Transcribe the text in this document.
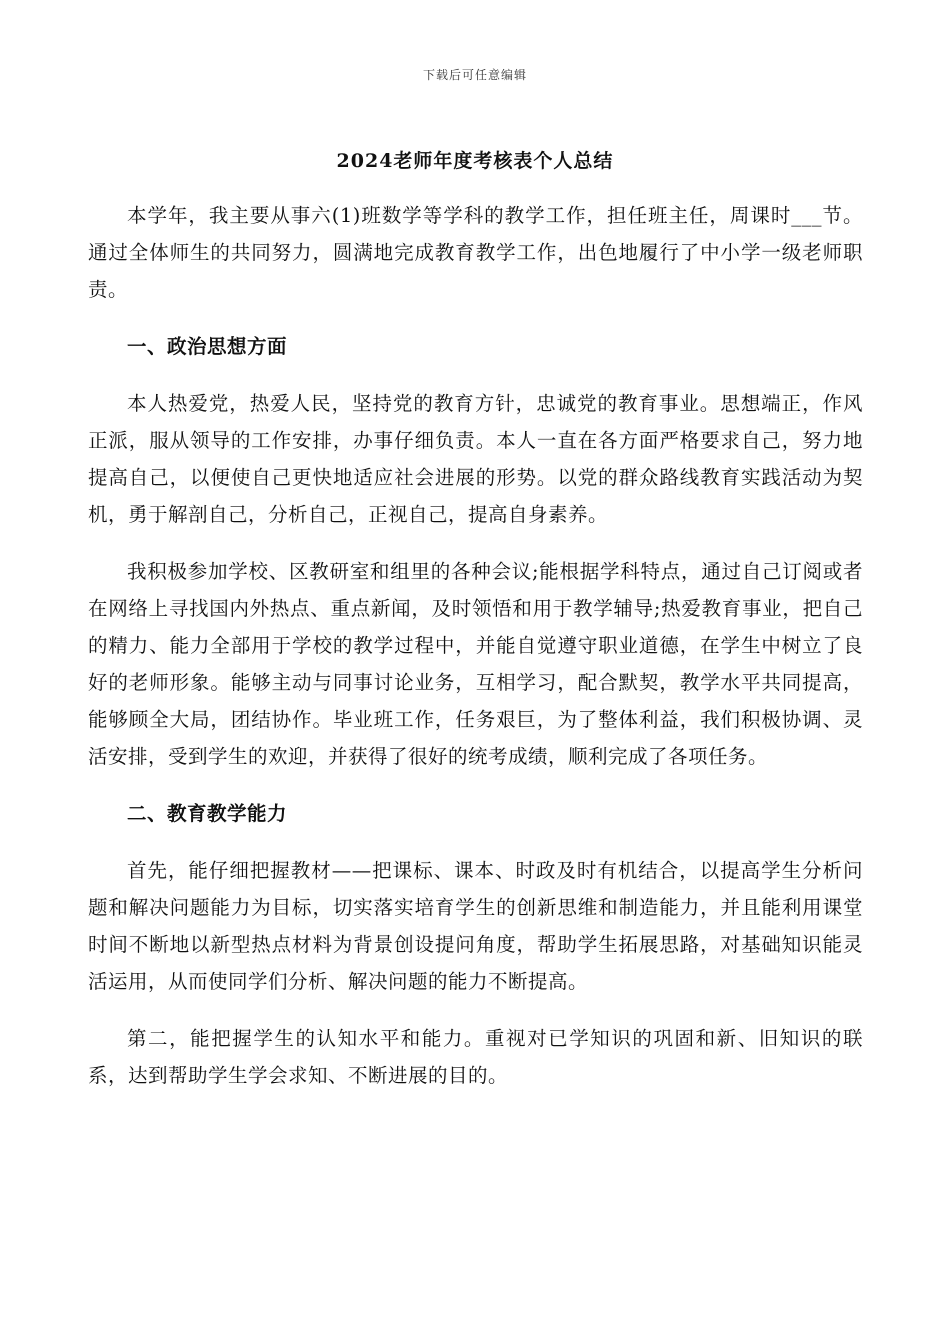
下载后可任意编辑
2024老师年度考核表个人总结

本学年，我主要从事六(1)班数学等学科的教学工作，担任班主任，周课时___节。通过全体师生的共同努力，圆满地完成教育教学工作，出色地履行了中小学一级老师职责。

一、政治思想方面

本人热爱党，热爱人民，坚持党的教育方针，忠诚党的教育事业。思想端正，作风正派，服从领导的工作安排，办事仔细负责。本人一直在各方面严格要求自己，努力地提高自己，以便使自己更快地适应社会进展的形势。以党的群众路线教育实践活动为契机，勇于解剖自己，分析自己，正视自己，提高自身素养。

我积极参加学校、区教研室和组里的各种会议;能根据学科特点，通过自己订阅或者在网络上寻找国内外热点、重点新闻，及时领悟和用于教学辅导;热爱教育事业，把自己的精力、能力全部用于学校的教学过程中，并能自觉遵守职业道德，在学生中树立了良好的老师形象。能够主动与同事讨论业务，互相学习，配合默契，教学水平共同提高，能够顾全大局，团结协作。毕业班工作，任务艰巨，为了整体利益，我们积极协调、灵活安排，受到学生的欢迎，并获得了很好的统考成绩，顺利完成了各项任务。

二、教育教学能力

首先，能仔细把握教材——把课标、课本、时政及时有机结合，以提高学生分析问题和解决问题能力为目标，切实落实培育学生的创新思维和制造能力，并且能利用课堂时间不断地以新型热点材料为背景创设提问角度，帮助学生拓展思路，对基础知识能灵活运用，从而使同学们分析、解决问题的能力不断提高。

第二，能把握学生的认知水平和能力。重视对已学知识的巩固和新、旧知识的联系，达到帮助学生学会求知、不断进展的目的。
